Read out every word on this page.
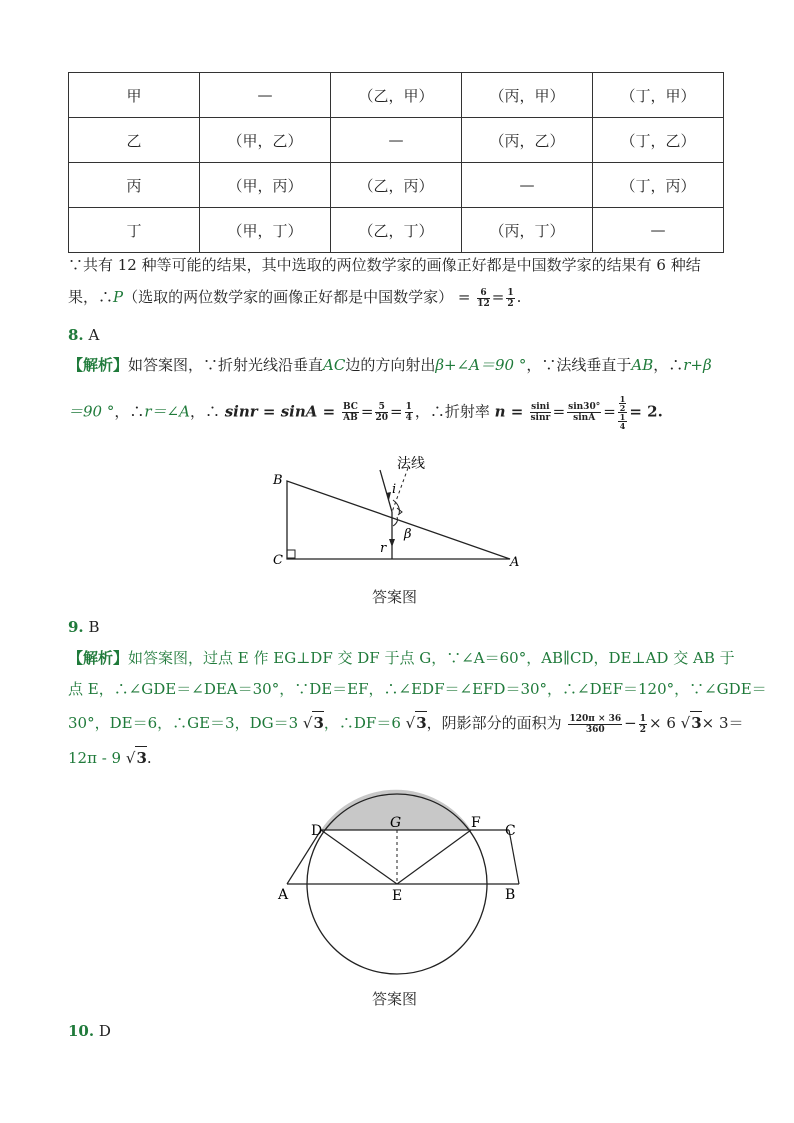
甲	—	（乙，甲）	（丙，甲）	（丁，甲）
乙	（甲，乙）	—	（丙，乙）	（丁，乙）
丙	（甲，丙）	（乙，丙）	—	（丁，丙）
丁	（甲，丁）	（乙，丁）	（丙，丁）	—
∵共有 12 种等可能的结果，其中选取的两位数学家的画像正好都是中国数学家的结果有 6 种结
果，∴P（选取的两位数学家的画像正好都是中国数学家） = $\frac{6}{12} = \frac{1}{2}$ .
8. A
【解析】如答案图，∵折射光线沿垂直AC边的方向射出β+∠A＝90 °，∵法线垂直于AB，∴r+β
＝90 °，∴r＝∠A，∴ $\sin r = \sin A = \frac{BC}{AB} = \frac{5}{20} = \frac{1}{4}$ ，∴折射率 $n = \frac{\sin i}{\sin r} = \frac{\sin 30^\circ}{\sin A} = 1$
2
1
4 = 2.
法线
i
r
β
B
C	A
答案图
9. B
【解析】如答案图，过点 E 作 EG⊥DF 交 DF 于点 G，∵∠A＝60°，AB∥CD，DE⊥AD 交 AB 于
点 E，∴∠GDE＝∠DEA＝30°，∵DE＝EF，∴∠EDF＝∠EFD＝30°，∴∠DEF＝120°，∵∠GDE＝
30°，DE＝6，∴GE＝3，DG＝3 √3，∴DF＝6 √3，阴影部分的面积为 $\frac{120\pi \times 36}{360} - \frac{1}{2} \times 6$ √3× 3＝
12π - 9 √3.
D	G	F C
A	E	B
答案图
10. D
